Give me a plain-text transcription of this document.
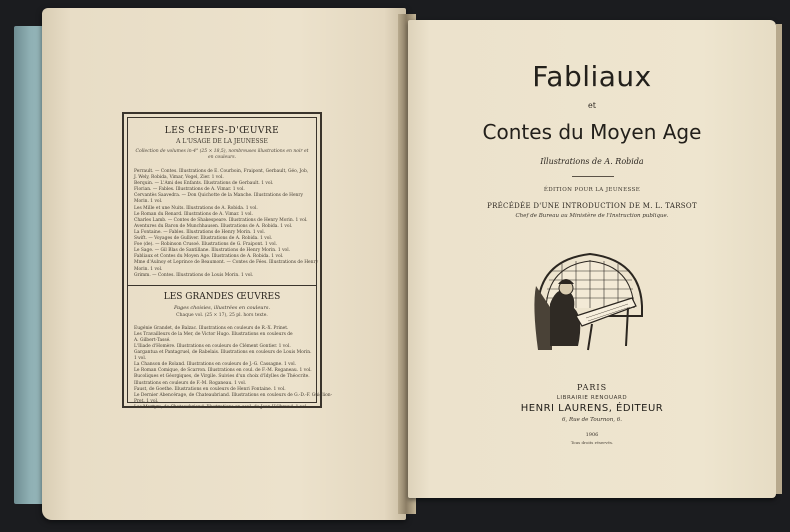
LES CHEFS-D'ŒUVRE
A L'USAGE DE LA JEUNESSE
Collection de volumes in-4° (25 × 18,5), nombreuses illustrations en noir et en couleurs.
Perrault. — Contes. Illustrations de E. Courboin, Fraipont, Gerbault, Géo, Job,
J. Wely, Robida, Vimar, Vogel, Zier. 1 vol.
Berquin. — L'Ami des Enfants. Illustrations de Gerbault. 1 vol.
Florian. — Fables. Illustrations de A. Vimar. 1 vol.
Cervantès Saavedra. — Don Quichotte de la Manche. Illustrations de Henry
Morin. 1 vol.
Les Mille et une Nuits. Illustrations de A. Robida. 1 vol.
Le Roman du Renard. Illustrations de A. Vimar. 1 vol.
Charles Lamb. — Contes de Shakespeare. Illustrations de Henry Morin. 1 vol.
Aventures du Baron de Munchhausen. Illustrations de A. Robida. 1 vol.
La Fontaine. — Fables. Illustrations de Henry Morin. 1 vol.
Swift. — Voyages de Gulliver. Illustrations de A. Robida. 1 vol.
Foe (de). — Robinson Crusoé. Illustrations de G. Fraipont. 1 vol.
Le Sage. — Gil Blas de Santillane. Illustrations de Henry Morin. 1 vol.
Fabliaux et Contes du Moyen Age. Illustrations de A. Robida. 1 vol.
Mme d'Aulnoy et Leprince de Beaumont. — Contes de Fées. Illustrations de Henry
Morin. 1 vol.
Grimm. — Contes. Illustrations de Louis Morin. 1 vol.
LES GRANDES ŒUVRES
Pages choisies, illustrées en couleurs.
Chaque vol. (25 × 17), 25 pl. hors texte.
Eugénie Grandet, de Balzac. Illustrations en couleurs de R.-X. Prinet.
Les Travailleurs de la Mer, de Victor Hugo. Illustrations en couleurs de
A. Gilbert-Tassé.
L'Iliade d'Homère. Illustrations en couleurs de Clément Gontier. 1 vol.
Gargantua et Pantagruel, de Rabelais. Illustrations en couleurs de Louis Morin.
1 vol.
La Chanson de Roland. Illustrations en couleurs de J.-G. Cassagne. 1 vol.
Le Roman Comique, de Scarron. Illustrations en coul. de F.-M. Roganeau. 1 vol.
Bucoliques et Géorgiques, de Virgile. Suivies d'un choix d'Idylles de Théocrite.
Illustrations en couleurs de F.-M. Roganeau. 1 vol.
Faust, de Goethe. Illustrations en couleurs de Henri Fontaine. 1 vol.
Le Dernier Abencérage, de Chateaubriand. Illustrations en couleurs de G.-D.-F. Guiglion-
Pret. 1 vol.
Les Martyrs, de Chateaubriand. Illustrations en coul. de Jean Hélbrand. 1 vol.
Fabliaux
et
Contes du Moyen Age
Illustrations de A. Robida
ÉDITION POUR LA JEUNESSE
PRÉCÉDÉE D'UNE INTRODUCTION DE M. L. TARSOT
Chef de Bureau au Ministère de l'Instruction publique.
PARIS
LIBRAIRIE RENOUARD
HENRI LAURENS, ÉDITEUR
6, Rue de Tournon, 6.
1906
Tous droits réservés.
